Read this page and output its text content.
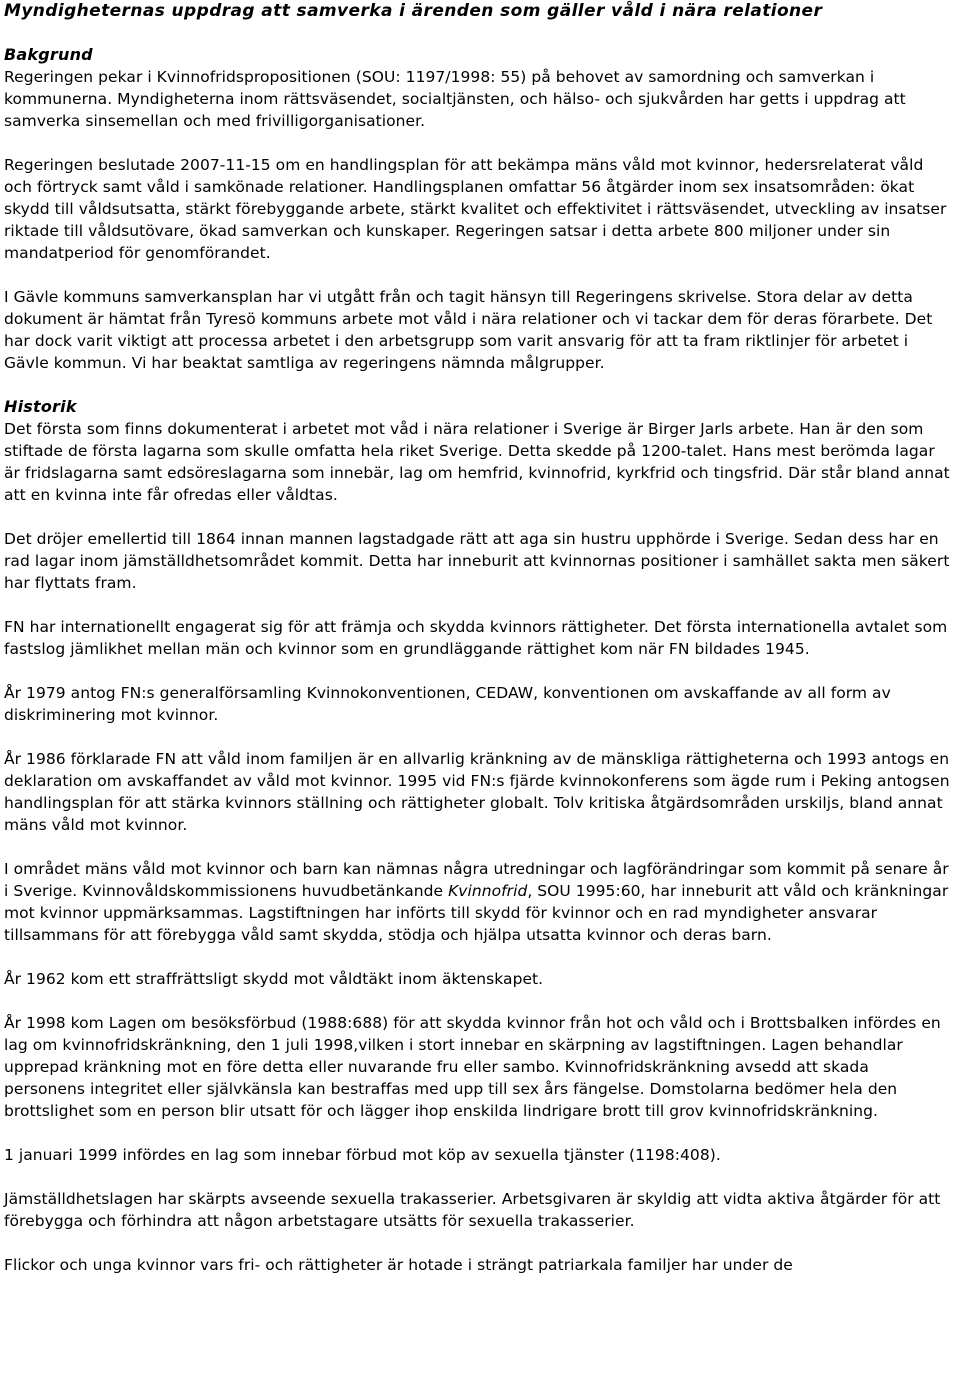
Myndigheternas uppdrag att samverka i ärenden som gäller våld i nära relationer
Bakgrund

Regeringen pekar i Kvinnofridspropositionen (SOU: 1197/1998: 55) på behovet av samordning och samverkan i kommunerna. Myndigheterna inom rättsväsendet, socialtjänsten, och hälso- och sjukvården har getts i uppdrag att samverka sinsemellan och med frivilligorganisationer.

Regeringen beslutade 2007-11-15 om en handlingsplan för att bekämpa mäns våld mot kvinnor, hedersrelaterat våld och förtryck samt våld i samkönade relationer. Handlingsplanen omfattar 56 åtgärder inom sex insatsområden: ökat skydd till våldsutsatta, stärkt förebyggande arbete, stärkt kvalitet och effektivitet i rättsväsendet, utveckling av insatser riktade till våldsutövare, ökad samverkan och kunskaper. Regeringen satsar i detta arbete 800 miljoner under sin mandatperiod för genomförandet.

I Gävle kommuns samverkansplan har vi utgått från och tagit hänsyn till Regeringens skrivelse. Stora delar av detta dokument är hämtat från Tyresö kommuns arbete mot våld i nära relationer och vi tackar dem för deras förarbete. Det har dock varit viktigt att processa arbetet i den arbetsgrupp som varit ansvarig för att ta fram riktlinjer för arbetet i Gävle kommun. Vi har beaktat samtliga av regeringens nämnda målgrupper.

Historik

Det första som finns dokumenterat i arbetet mot våd i nära relationer i Sverige är Birger Jarls arbete. Han är den som stiftade de första lagarna som skulle omfatta hela riket Sverige. Detta skedde på 1200-talet. Hans mest berömda lagar är fridslagarna samt edsöreslagarna som innebär, lag om hemfrid, kvinnofrid, kyrkfrid och tingsfrid. Där står bland annat att en kvinna inte får ofredas eller våldtas.

Det dröjer emellertid till 1864 innan mannen lagstadgade rätt att aga sin hustru upphörde i Sverige. Sedan dess har en rad lagar inom jämställdhetsområdet kommit. Detta har inneburit att kvinnornas positioner i samhället sakta men säkert har flyttats fram.

FN har internationellt engagerat sig för att främja och skydda kvinnors rättigheter. Det första internationella avtalet som fastslog jämlikhet mellan män och kvinnor som en grundläggande rättighet kom när FN bildades 1945.

År 1979 antog FN:s generalförsamling Kvinnokonventionen, CEDAW, konventionen om avskaffande av all form av diskriminering mot kvinnor.

År 1986 förklarade FN att våld inom familjen är en allvarlig kränkning av de mänskliga rättigheterna och 1993 antogs en deklaration om avskaffandet av våld mot kvinnor. 1995 vid FN:s fjärde kvinnokonferens som ägde rum i Peking antogsen handlingsplan för att stärka kvinnors ställning och rättigheter globalt. Tolv kritiska åtgärdsområden urskiljs, bland annat mäns våld mot kvinnor.

I området mäns våld mot kvinnor och barn kan nämnas några utredningar och lagförändringar som kommit på senare år i Sverige. Kvinnovåldskommissionens huvudbetänkande Kvinnofrid, SOU 1995:60, har inneburit att våld och kränkningar mot kvinnor uppmärksammas. Lagstiftningen har införts till skydd för kvinnor och en rad myndigheter ansvarar tillsammans för att förebygga våld samt skydda, stödja och hjälpa utsatta kvinnor och deras barn.

År 1962 kom ett straffrättsligt skydd mot våldtäkt inom äktenskapet.

År 1998 kom Lagen om besöksförbud (1988:688) för att skydda kvinnor från hot och våld och i Brottsbalken infördes en lag om kvinnofridskränkning, den 1 juli 1998,vilken i stort innebar en skärpning av lagstiftningen. Lagen behandlar upprepad kränkning mot en före detta eller nuvarande fru eller sambo. Kvinnofridskränkning avsedd att skada personens integritet eller självkänsla kan bestraffas med upp till sex års fängelse. Domstolarna bedömer hela den brottslighet som en person blir utsatt för och lägger ihop enskilda lindrigare brott till grov kvinnofridskränkning.

1 januari 1999 infördes en lag som innebar förbud mot köp av sexuella tjänster (1198:408).

Jämställdhetslagen har skärpts avseende sexuella trakasserier. Arbetsgivaren är skyldig att vidta aktiva åtgärder för att förebygga och förhindra att någon arbetstagare utsätts för sexuella trakasserier.

Flickor och unga kvinnor vars fri- och rättigheter är hotade i strängt patriarkala familjer har under de
